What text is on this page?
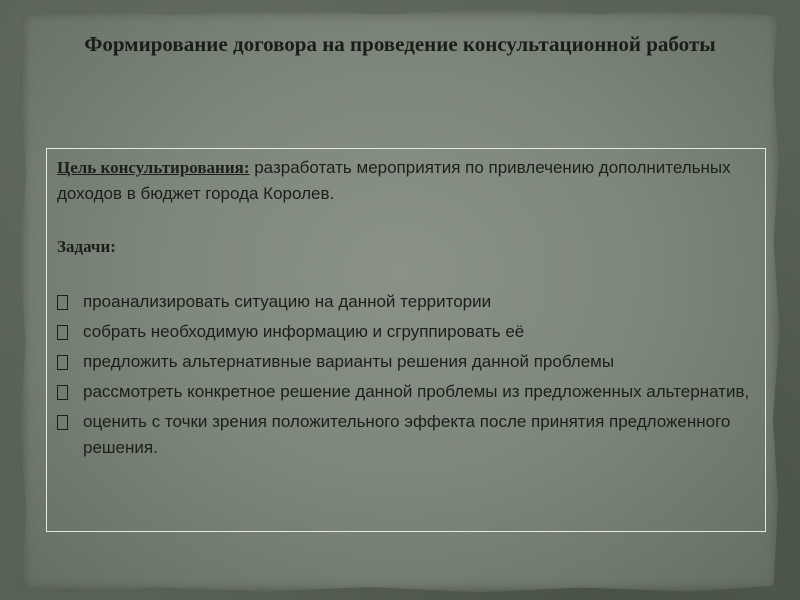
Формирование договора на проведение консультационной работы
Цель консультирования: разработать мероприятия по привлечению дополнительных доходов в бюджет города Королев.
Задачи:
проанализировать ситуацию на данной территории
собрать необходимую информацию и сгруппировать её
предложить альтернативные варианты решения данной проблемы
рассмотреть конкретное решение данной проблемы из предложенных альтернатив,
оценить с точки зрения положительного эффекта после принятия предложенного решения.
